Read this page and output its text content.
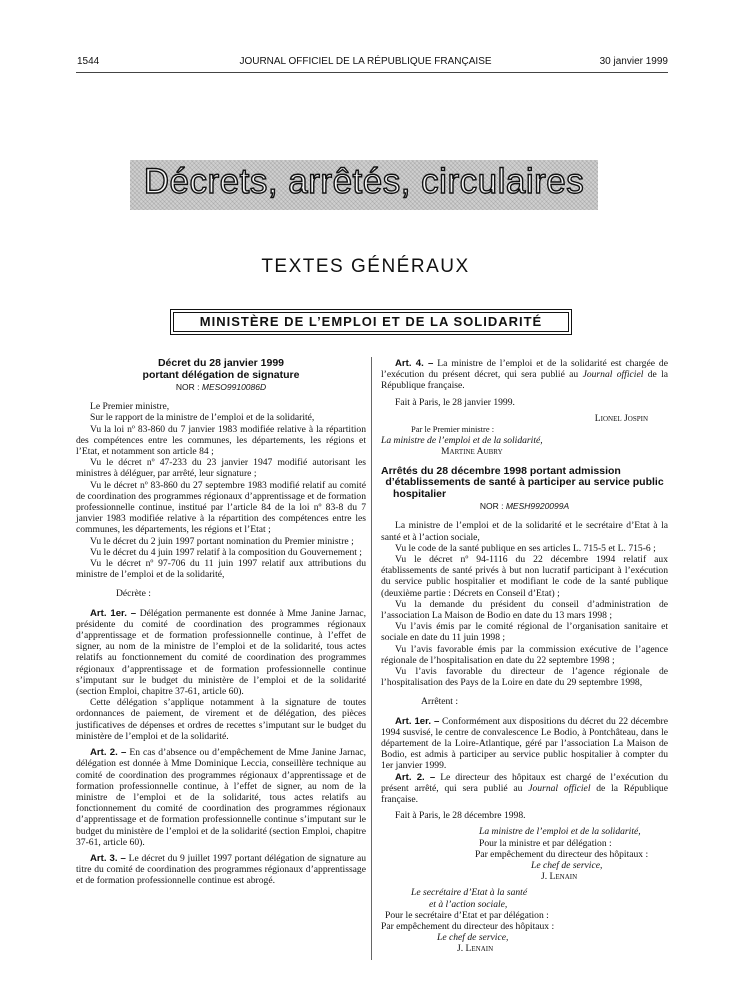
1544	JOURNAL OFFICIEL DE LA RÉPUBLIQUE FRANÇAISE	30 janvier 1999
Décrets, arrêtés, circulaires
TEXTES GÉNÉRAUX
MINISTÈRE DE L’EMPLOI ET DE LA SOLIDARITÉ
Décret du 28 janvier 1999
portant délégation de signature
NOR : MESO9910086D

Le Premier ministre,

Sur le rapport de la ministre de l’emploi et de la solidarité,

Vu la loi nº 83-860 du 7 janvier 1983 modifiée relative à la répartition des compétences entre les communes, les départements, les régions et l’Etat, et notamment son article 84 ;

Vu le décret nº 47-233 du 23 janvier 1947 modifié autorisant les ministres à déléguer, par arrêté, leur signature ;

Vu le décret nº 83-860 du 27 septembre 1983 modifié relatif au comité de coordination des programmes régionaux d’apprentissage et de formation professionnelle continue, institué par l’article 84 de la loi nº 83-8 du 7 janvier 1983 modifiée relative à la répartition des compétences entre les communes, les départements, les régions et l’Etat ;

Vu le décret du 2 juin 1997 portant nomination du Premier ministre ;

Vu le décret du 4 juin 1997 relatif à la composition du Gouvernement ;

Vu le décret nº 97-706 du 11 juin 1997 relatif aux attributions du ministre de l’emploi et de la solidarité,

Décrète :

Art. 1er. – Délégation permanente est donnée à Mme Janine Jarnac, présidente du comité de coordination des programmes régionaux d’apprentissage et de formation professionnelle continue, à l’effet de signer, au nom de la ministre de l’emploi et de la solidarité, tous actes relatifs au fonctionnement du comité de coordination des programmes régionaux d’apprentissage et de formation professionnelle continue s’imputant sur le budget du ministère de l’emploi et de la solidarité (section Emploi, chapitre 37-61, article 60).

Cette délégation s’applique notamment à la signature de toutes ordonnances de paiement, de virement et de délégation, des pièces justificatives de dépenses et ordres de recettes s’imputant sur le budget du ministère de l’emploi et de la solidarité.

Art. 2. – En cas d’absence ou d’empêchement de Mme Janine Jarnac, délégation est donnée à Mme Dominique Leccia, conseillère technique au comité de coordination des programmes régionaux d’apprentissage et de formation professionnelle continue, à l’effet de signer, au nom de la ministre de l’emploi et de la solidarité, tous actes relatifs au fonctionnement du comité de coordination des programmes régionaux d’apprentissage et de formation professionnelle continue s’imputant sur le budget du ministère de l’emploi et de la solidarité (section Emploi, chapitre 37-61, article 60).

Art. 3. – Le décret du 9 juillet 1997 portant délégation de signature au titre du comité de coordination des programmes régionaux d’apprentissage et de formation professionnelle continue est abrogé.

Art. 4. – La ministre de l’emploi et de la solidarité est chargée de l’exécution du présent décret, qui sera publié au Journal officiel de la République française.

Fait à Paris, le 28 janvier 1999.

Lionel Jospin

Par le Premier ministre :

La ministre de l’emploi et de la solidarité,

Martine Aubry

Arrêtés du 28 décembre 1998 portant admission
d’établissements de santé à participer au service public
hospitalier
NOR : MESH9920099A

La ministre de l’emploi et de la solidarité et le secrétaire d’Etat à la santé et à l’action sociale,

Vu le code de la santé publique en ses articles L. 715-5 et L. 715-6 ;

Vu le décret nº 94-1116 du 22 décembre 1994 relatif aux établissements de santé privés à but non lucratif participant à l’exécution du service public hospitalier et modifiant le code de la santé publique (deuxième partie : Décrets en Conseil d’Etat) ;

Vu la demande du président du conseil d’administration de l’association La Maison de Bodio en date du 13 mars 1998 ;

Vu l’avis émis par le comité régional de l’organisation sanitaire et sociale en date du 11 juin 1998 ;

Vu l’avis favorable émis par la commission exécutive de l’agence régionale de l’hospitalisation en date du 22 septembre 1998 ;

Vu l’avis favorable du directeur de l’agence régionale de l’hospitalisation des Pays de la Loire en date du 29 septembre 1998,

Arrêtent :

Art. 1er. – Conformément aux dispositions du décret du 22 décembre 1994 susvisé, le centre de convalescence Le Bodio, à Pontchâteau, dans le département de la Loire-Atlantique, géré par l’association La Maison de Bodio, est admis à participer au service public hospitalier à compter du 1er janvier 1999.

Art. 2. – Le directeur des hôpitaux est chargé de l’exécution du présent arrêté, qui sera publié au Journal officiel de la République française.

Fait à Paris, le 28 décembre 1998.

La ministre de l’emploi et de la solidarité,

Pour la ministre et par délégation :

Par empêchement du directeur des hôpitaux :

Le chef de service,

J. Lenain

Le secrétaire d’Etat à la santé

et à l’action sociale,

Pour le secrétaire d’Etat et par délégation :

Par empêchement du directeur des hôpitaux :

Le chef de service,

J. Lenain
